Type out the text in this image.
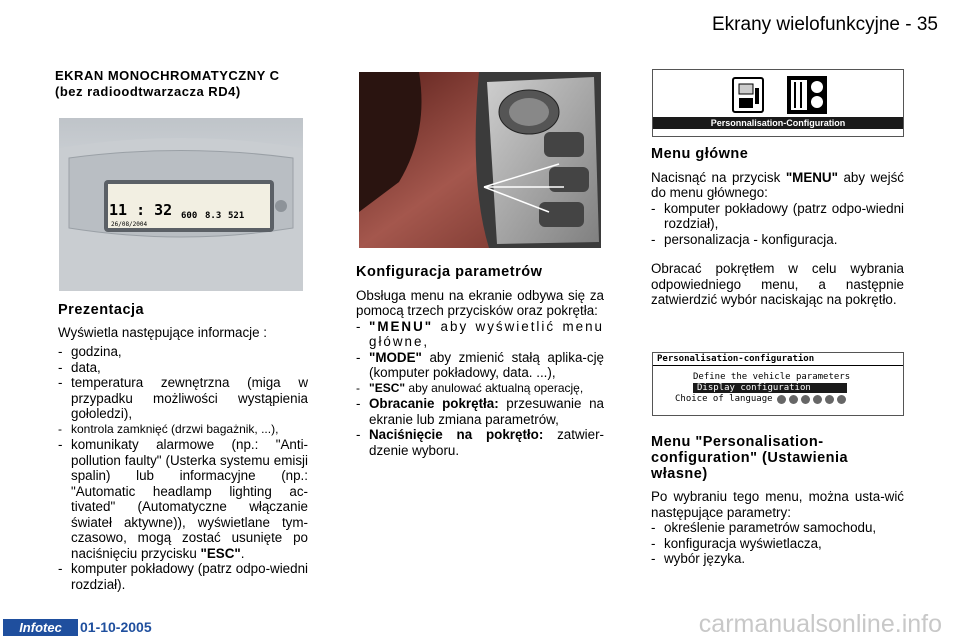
Ekrany wielofunkcyjne - 35
EKRAN MONOCHROMATYCZNY C
(bez radioodtwarzacza RD4)
11 : 32
26/08/2004
600 8.3 521
Prezentacja

Wyświetla następujące informacje :

- godzina,
- data,
- temperatura zewnętrzna (miga w przypadku możliwości wystąpienia gołoledzi),
- kontrola zamknięć (drzwi bagażnik, ...),
- komunikaty alarmowe (np.: "Anti-pollution faulty" (Usterka systemu emisji spalin) lub informacyjne (np.: "Automatic headlamp lighting ac-tivated" (Automatyczne włączanie świateł aktywne)), wyświetlane tym-czasowo, mogą zostać usunięte po naciśnięciu przycisku "ESC".
- komputer pokładowy (patrz odpo-wiedni rozdział).
Konfiguracja parametrów

Obsługa menu na ekranie odbywa się za pomocą trzech przycisków oraz pokrętła:

- "MENU" aby wyświetlić menu główne,
- "MODE" aby zmienić stałą aplika-cję (komputer pokładowy, data. ...),
- "ESC" aby anulować aktualną operację,
- Obracanie pokrętła: przesuwanie na ekranie lub zmiana parametrów,
- Naciśnięcie na pokrętło: zatwier-dzenie wyboru.
Personnalisation-Configuration
Menu główne

Nacisnąć na przycisk "MENU" aby wejść do menu głównego:

- komputer pokładowy (patrz odpo-wiedni rozdział),
- personalizacja - konfiguracja.

Obracać pokrętłem w celu wybrania odpowiedniego menu, a następnie zatwierdzić wybór naciskając na pokrętło.

Personalisation-configuration
Define the vehicle parameters
Display configuration
Choice of language
Menu "Personalisation-configuration" (Ustawienia własne)

Po wybraniu tego menu, można usta-wić następujące parametry:

- określenie parametrów samochodu,
- konfiguracja wyświetlacza,
- wybór języka.
Infotec	01-10-2005	carmanualsonline.info
